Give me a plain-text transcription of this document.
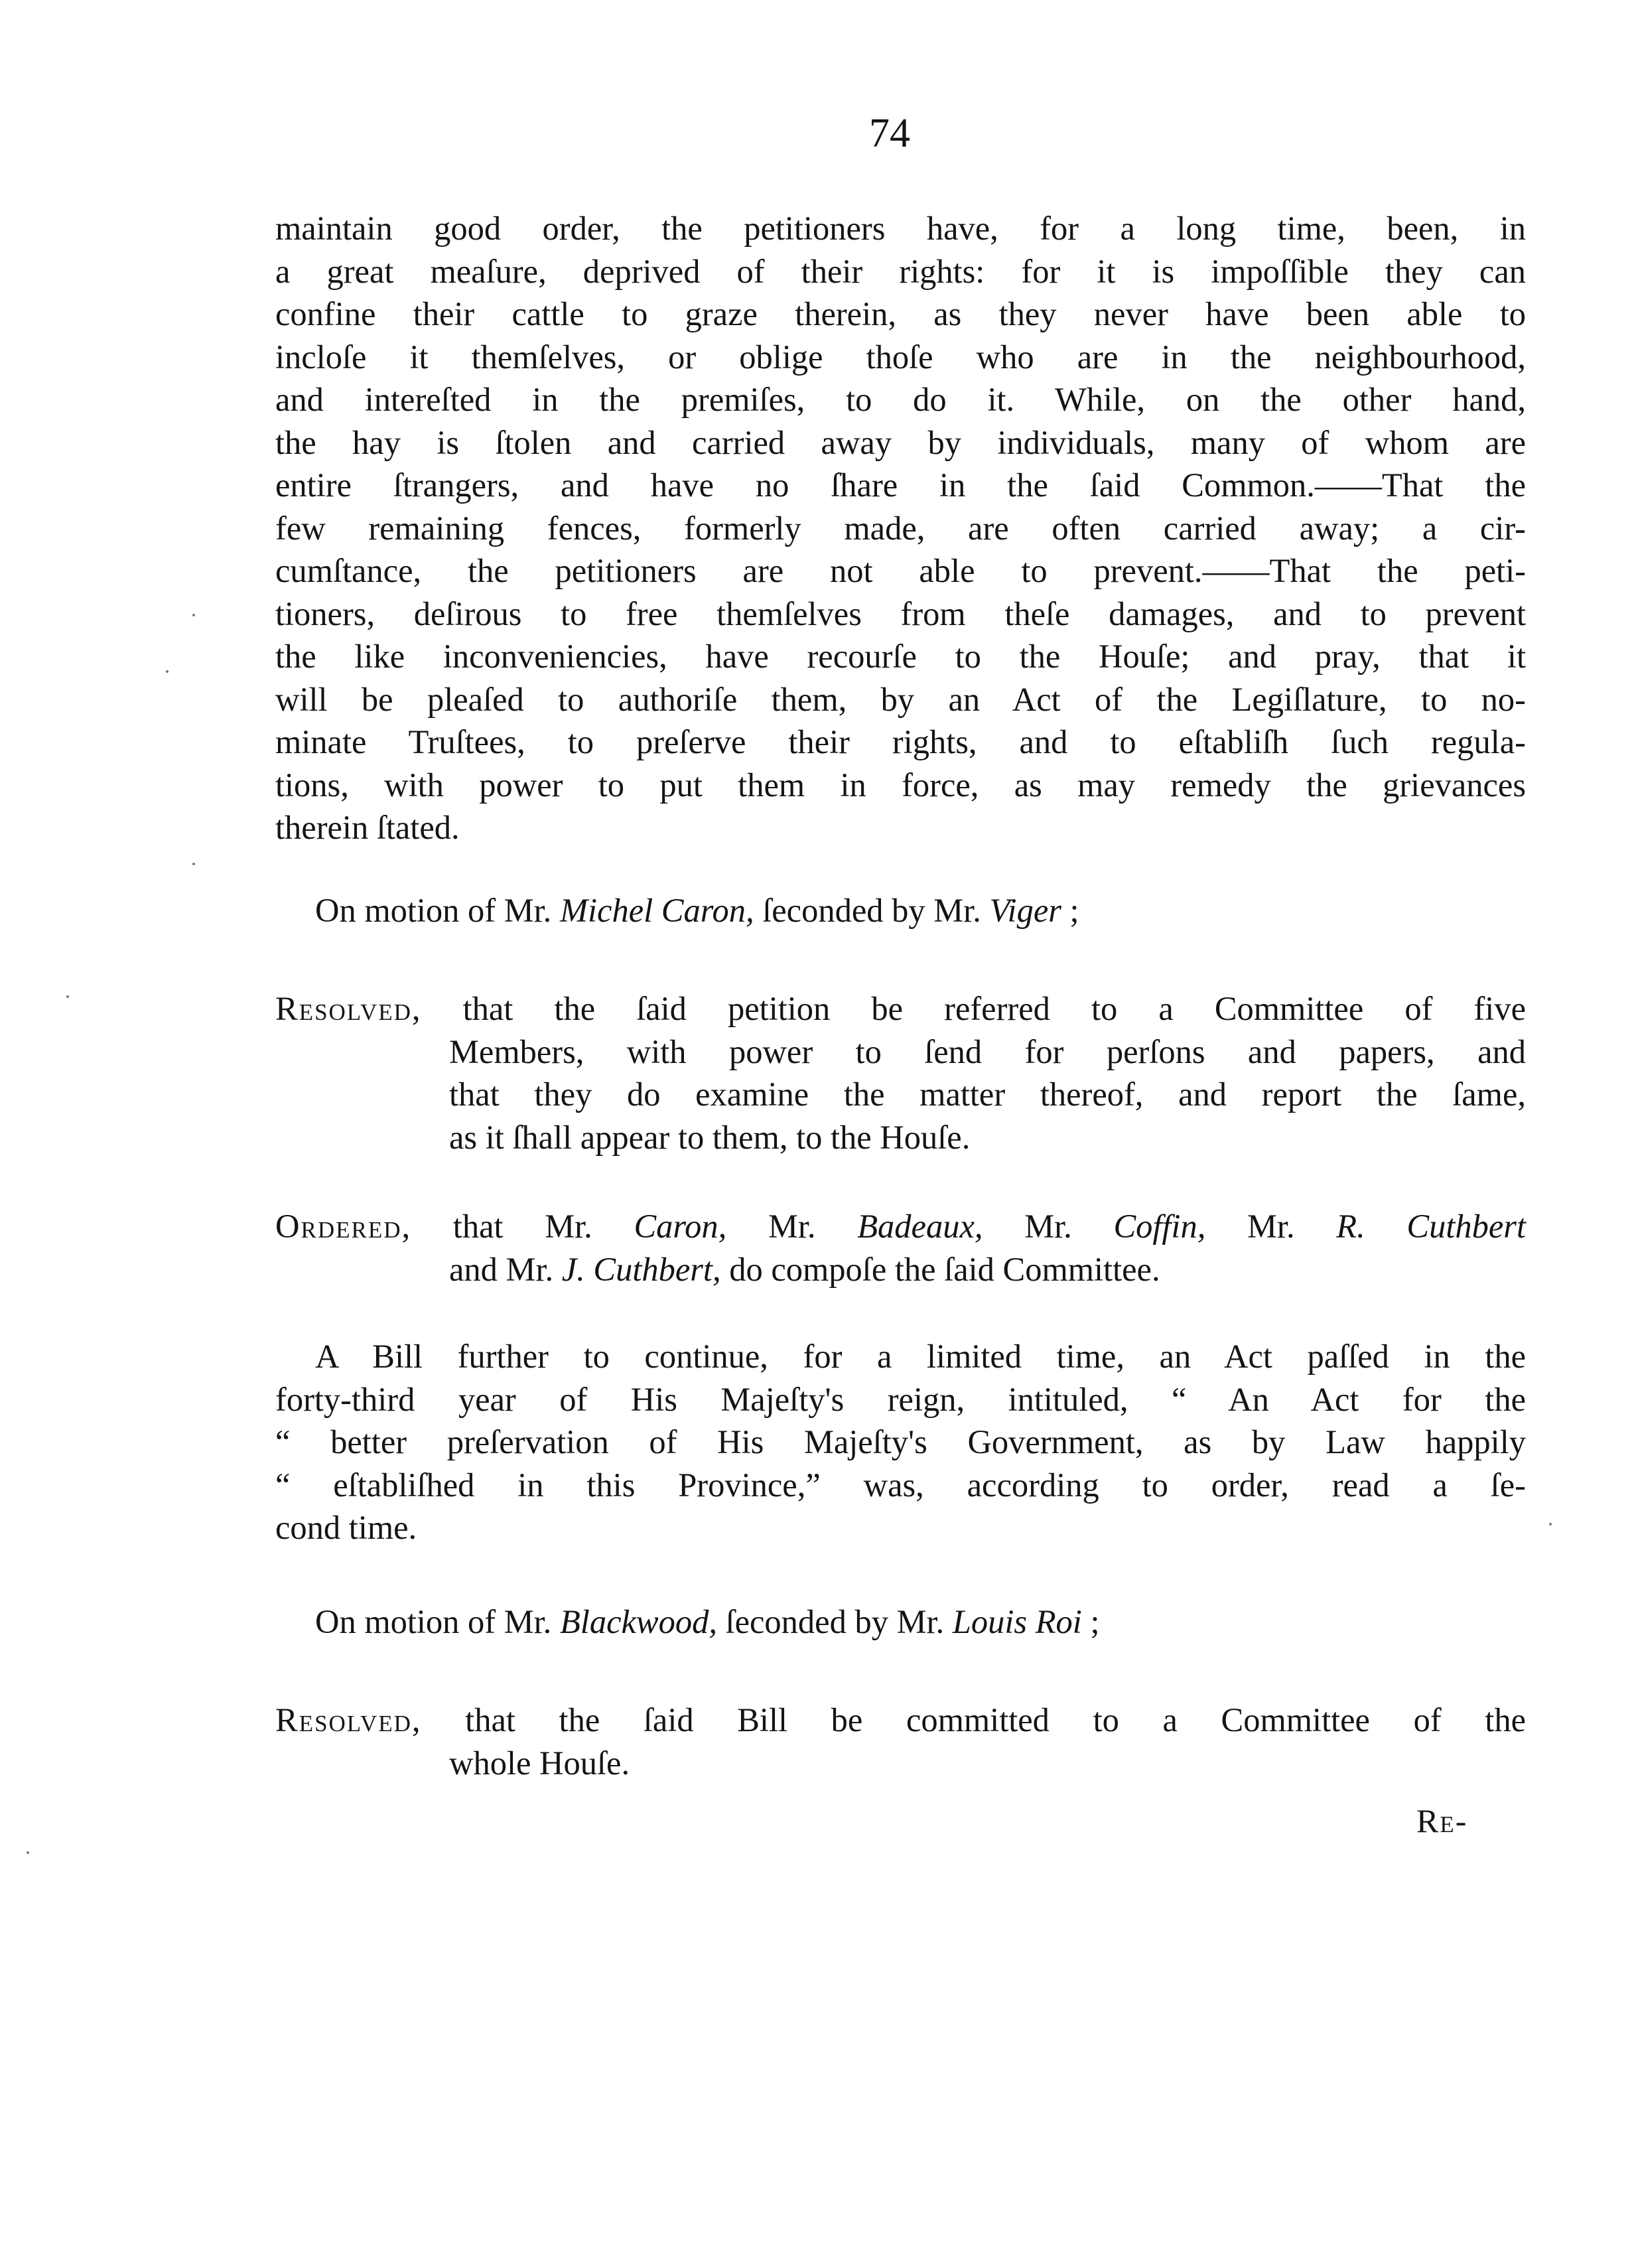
74
maintain good order, the petitioners have, for a long time, been, in
a great meaſure, deprived of their rights: for it is impoſſible they can
confine their cattle to graze therein, as they never have been able to
incloſe it themſelves, or oblige thoſe who are in the neighbourhood,
and intereſted in the premiſes, to do it. While, on the other hand,
the hay is ſtolen and carried away by individuals, many of whom are
entire ſtrangers, and have no ſhare in the ſaid Common.——That the
few remaining fences, formerly made, are often carried away; a cir-
cumſtance, the petitioners are not able to prevent.——That the peti-
tioners, deſirous to free themſelves from theſe damages, and to prevent
the like inconveniencies, have recourſe to the Houſe; and pray, that it
will be pleaſed to authoriſe them, by an Act of the Legiſlature, to no-
minate Truſtees, to preſerve their rights, and to eſtabliſh ſuch regula-
tions, with power to put them in force, as may remedy the grievances
therein ſtated.
On motion of Mr. Michel Caron, ſeconded by Mr. Viger ;
Resolved, that the ſaid petition be referred to a Committee of five
Members, with power to ſend for perſons and papers, and
that they do examine the matter thereof, and report the ſame,
as it ſhall appear to them, to the Houſe.
Ordered, that Mr. Caron, Mr. Badeaux, Mr. Coffin, Mr. R. Cuthbert
and Mr. J. Cuthbert, do compoſe the ſaid Committee.
A Bill further to continue, for a limited time, an Act paſſed in the
forty-third year of His Majeſty's reign, intituled, “ An Act for the
“ better preſervation of His Majeſty's Government, as by Law happily
“ eſtabliſhed in this Province,” was, according to order, read a ſe-
cond time.
On motion of Mr. Blackwood, ſeconded by Mr. Louis Roi ;
Resolved, that the ſaid Bill be committed to a Committee of the
whole Houſe.
Re-
